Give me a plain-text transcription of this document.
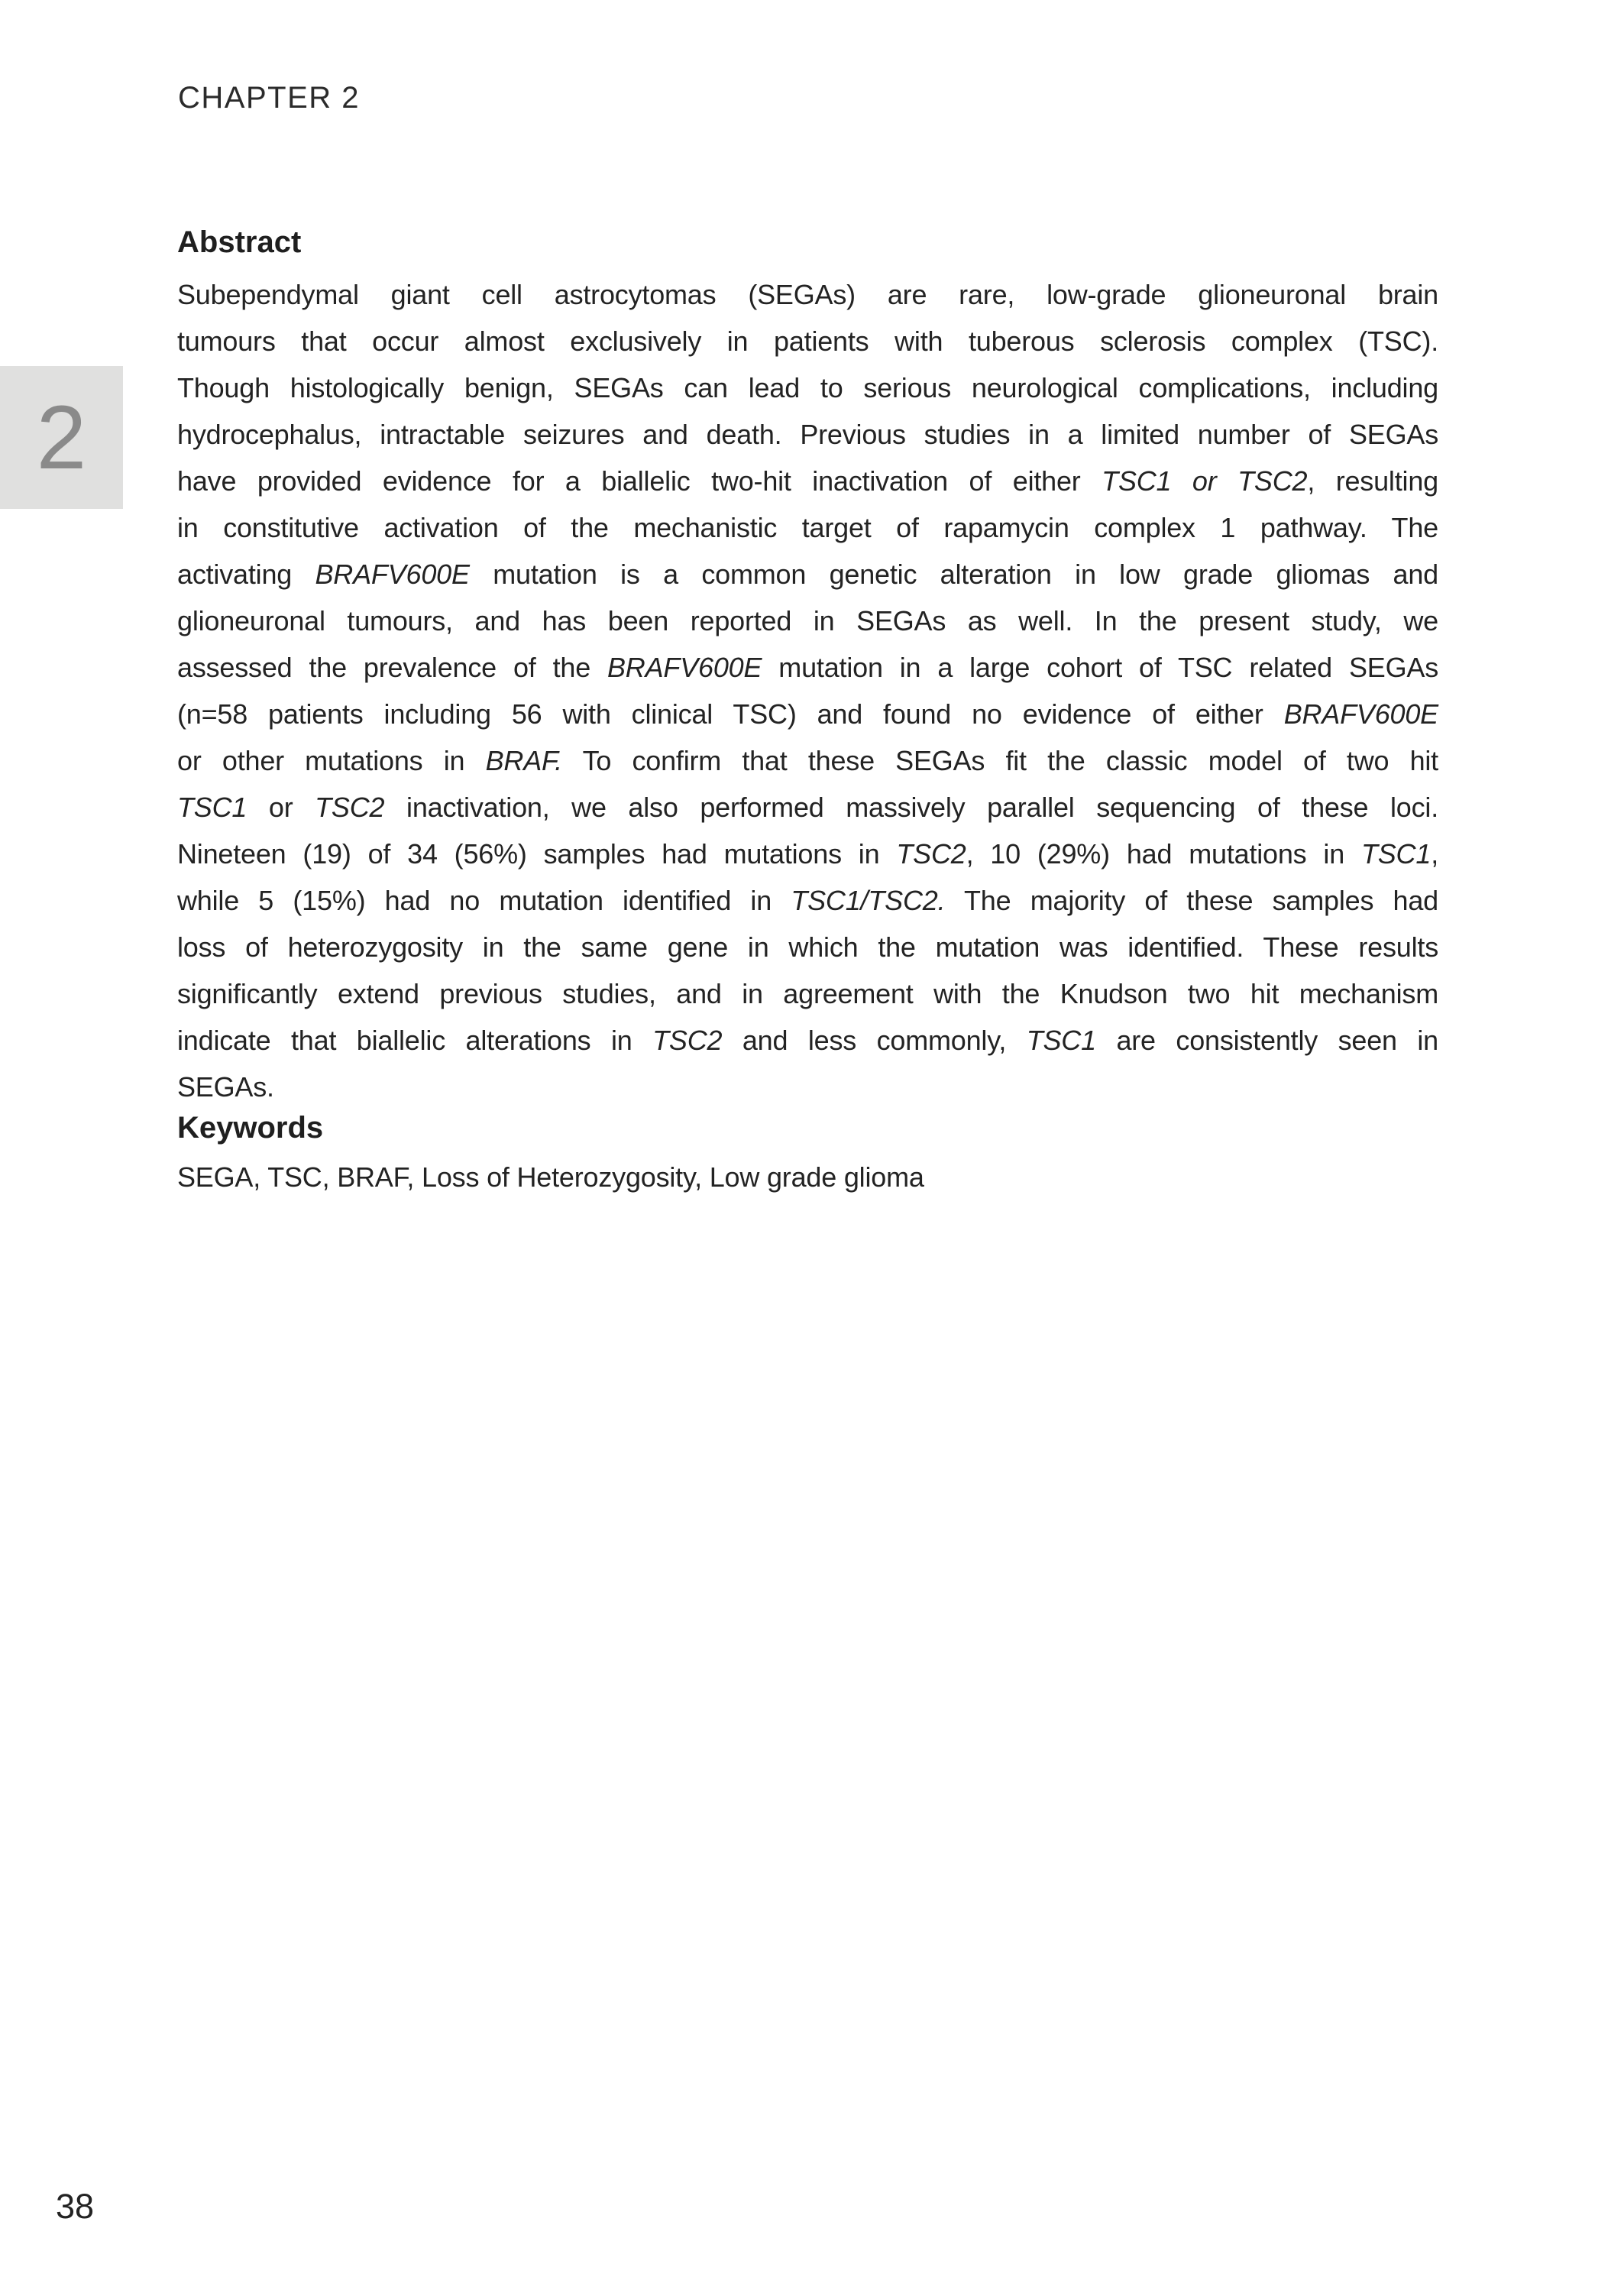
CHAPTER 2
2
Abstract
Subependymal giant cell astrocytomas (SEGAs) are rare, low-grade glioneuronal brain
tumours that occur almost exclusively in patients with tuberous sclerosis complex (TSC).
Though histologically benign, SEGAs can lead to serious neurological complications, including
hydrocephalus, intractable seizures and death. Previous studies in a limited number of SEGAs
have provided evidence for a biallelic two-hit inactivation of either TSC1 or TSC2, resulting
in constitutive activation of the mechanistic target of rapamycin complex 1 pathway. The
activating BRAFV600E mutation is a common genetic alteration in low grade gliomas and
glioneuronal tumours, and has been reported in SEGAs as well. In the present study, we
assessed the prevalence of the BRAFV600E mutation in a large cohort of TSC related SEGAs
(n=58 patients including 56 with clinical TSC) and found no evidence of either BRAFV600E
or other mutations in BRAF. To confirm that these SEGAs fit the classic model of two hit
TSC1 or TSC2 inactivation, we also performed massively parallel sequencing of these loci.
Nineteen (19) of 34 (56%) samples had mutations in TSC2, 10 (29%) had mutations in TSC1,
while 5 (15%) had no mutation identified in TSC1/TSC2. The majority of these samples had
loss of heterozygosity in the same gene in which the mutation was identified. These results
significantly extend previous studies, and in agreement with the Knudson two hit mechanism
indicate that biallelic alterations in TSC2 and less commonly, TSC1 are consistently seen in
SEGAs.
Keywords
SEGA, TSC, BRAF, Loss of Heterozygosity, Low grade glioma
38
